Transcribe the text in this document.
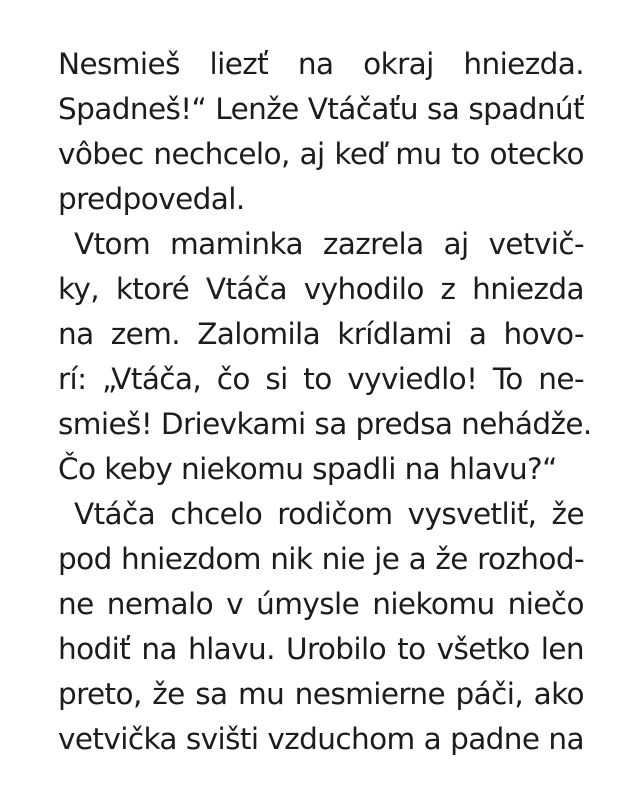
Nesmieš liezť na okraj hniezda.
Spadneš!“ Lenže Vtáčaťu sa spadnúť
vôbec nechcelo, aj keď mu to otecko
predpovedal.
Vtom maminka zazrela aj vetvič-
ky, ktoré Vtáča vyhodilo z hniezda
na zem. Zalomila krídlami a hovo-
rí: „Vtáča, čo si to vyviedlo! To ne-
smieš! Drievkami sa predsa nehádže.
Čo keby niekomu spadli na hlavu?“
Vtáča chcelo rodičom vysvetliť, že
pod hniezdom nik nie je a že rozhod-
ne nemalo v úmysle niekomu niečo
hodiť na hlavu. Urobilo to všetko len
preto, že sa mu nesmierne páči, ako
vetvička svišti vzduchom a padne na
